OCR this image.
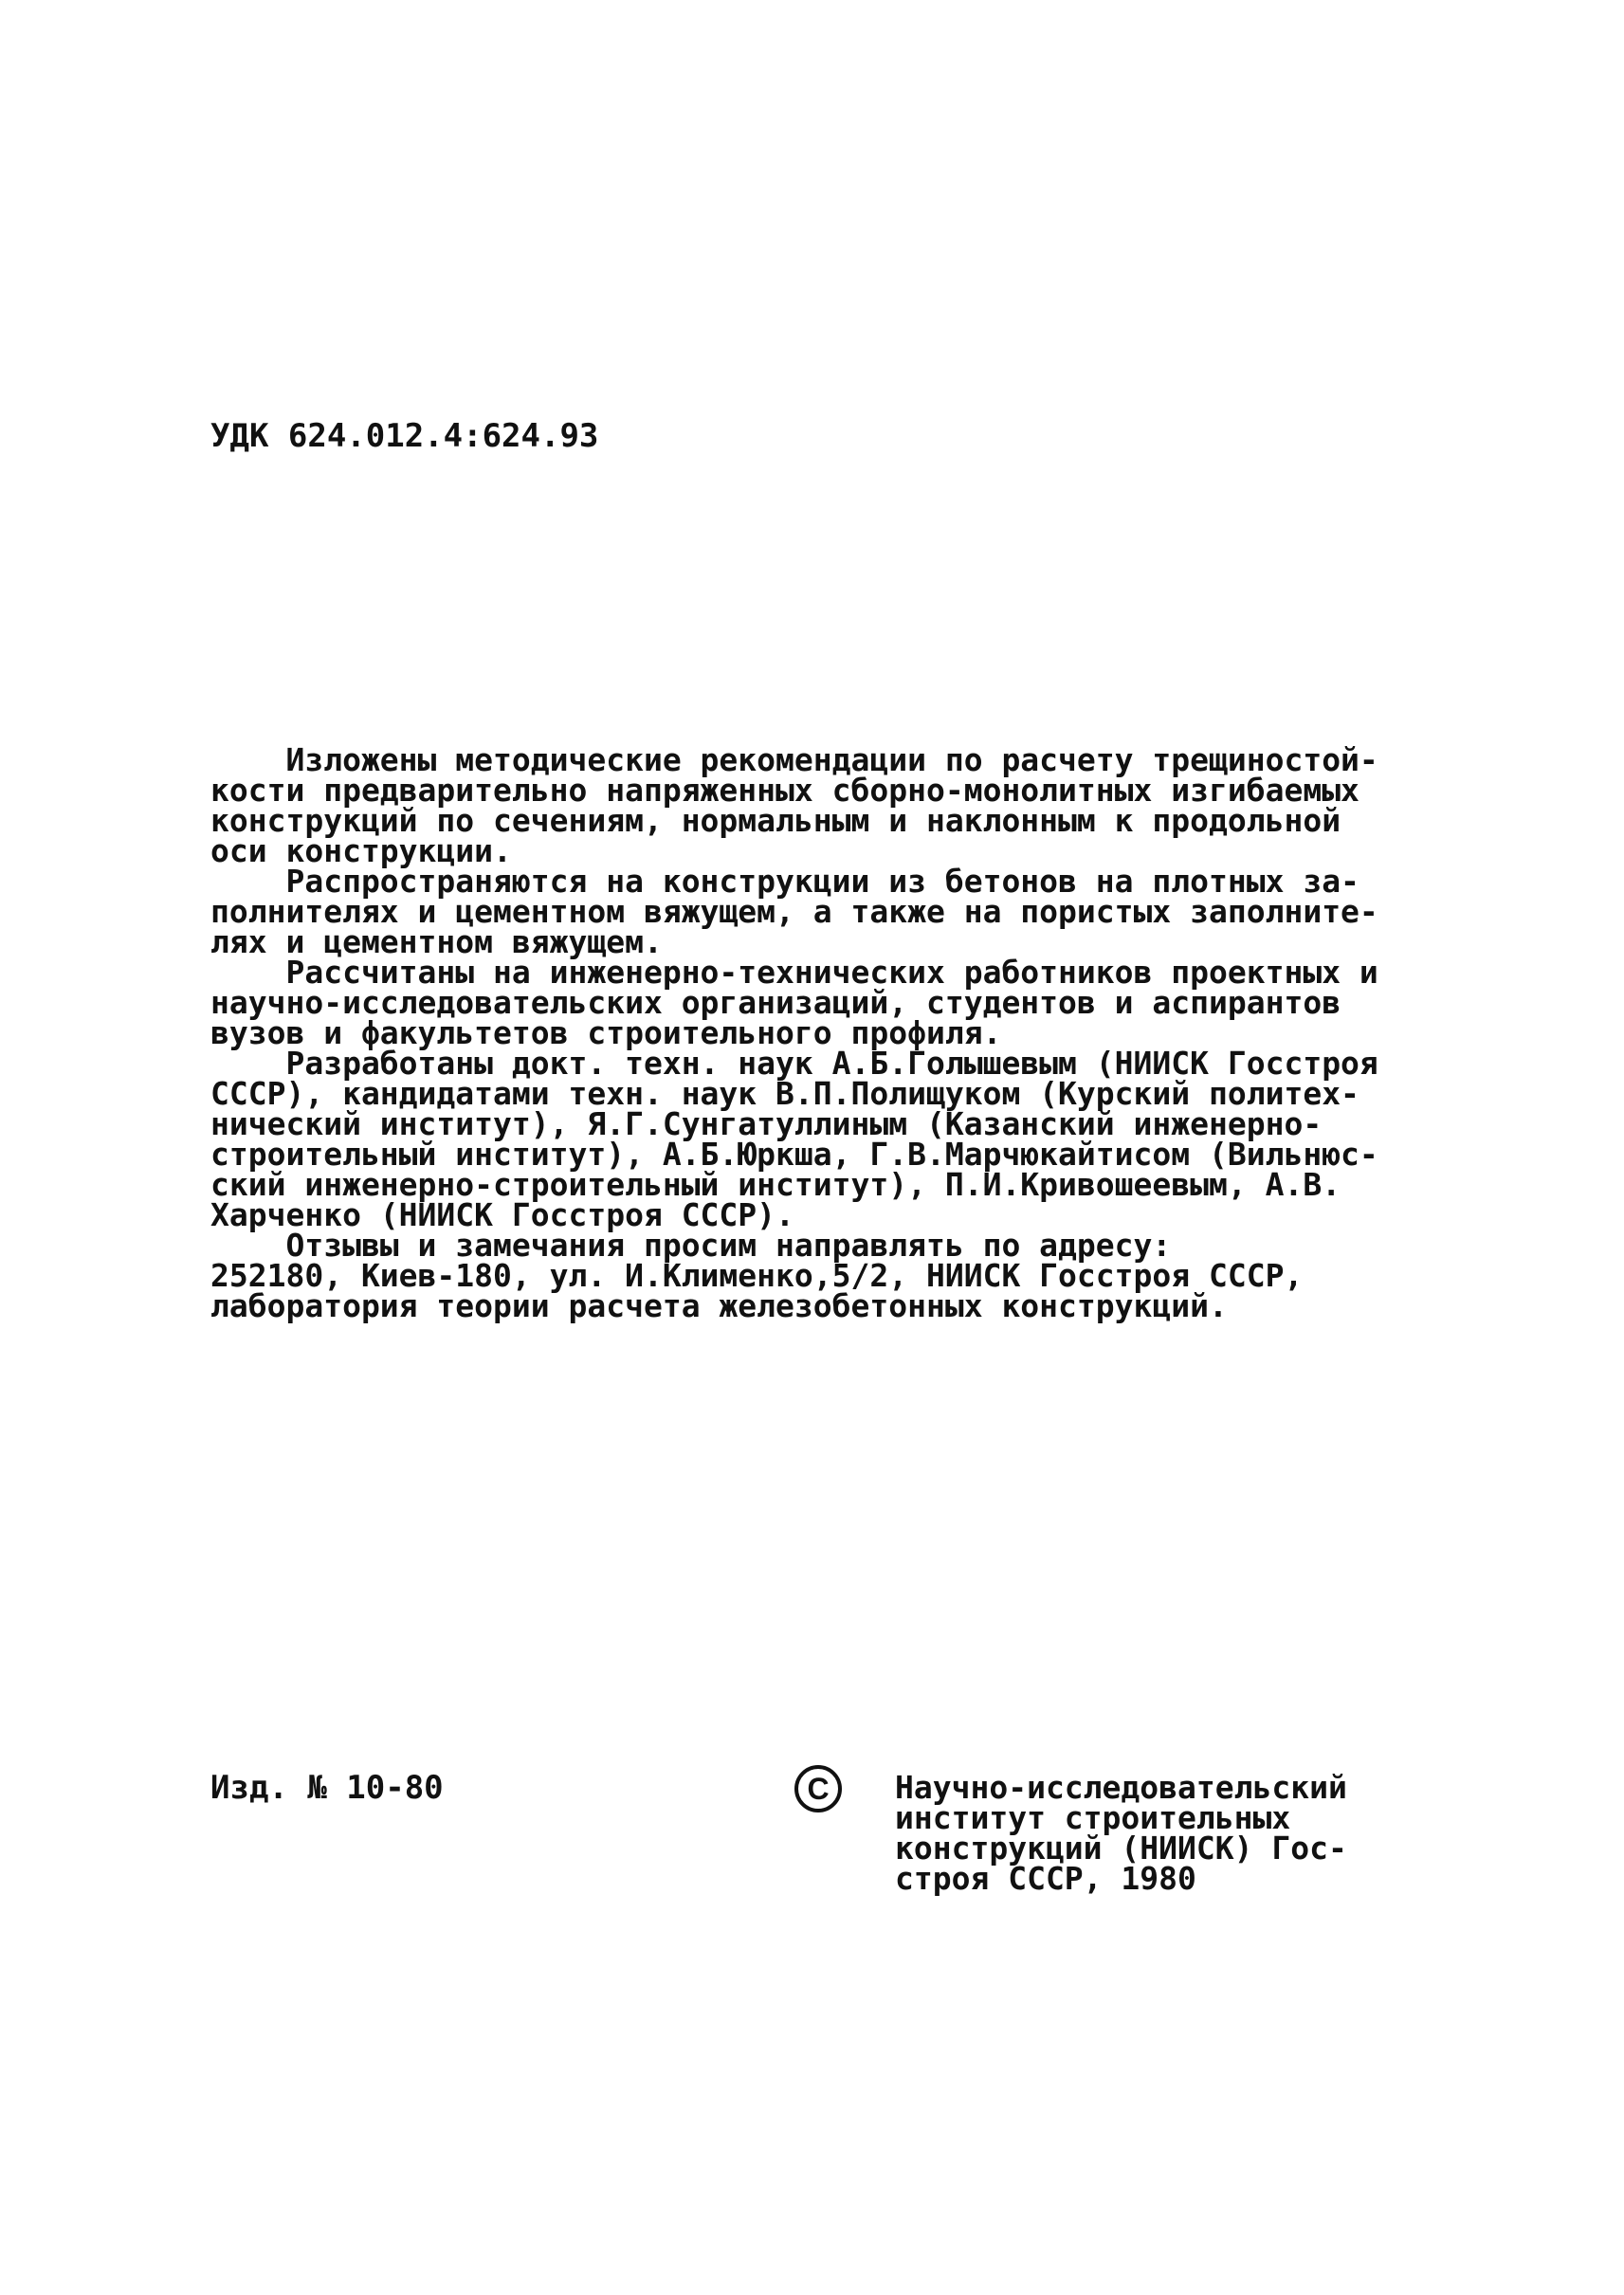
УДК 624.012.4:624.93
Изложены методические рекомендации по расчету трещиностой-
кости предварительно напряженных сборно-монолитных изгибаемых
конструкций по сечениям, нормальным и наклонным к продольной
оси конструкции.
Распространяются на конструкции из бетонов на плотных за-
полнителях и цементном вяжущем, а также на пористых заполните-
лях и цементном вяжущем.
Рассчитаны на инженерно-технических работников проектных и
научно-исследовательских организаций, студентов и аспирантов
вузов и факультетов строительного профиля.
Разработаны докт. техн. наук А.Б.Голышевым (НИИСК Госстроя
СССР), кандидатами техн. наук В.П.Полищуком (Курский политех-
нический институт), Я.Г.Сунгатуллиным (Казанский инженерно-
строительный институт), А.Б.Юркша, Г.В.Марчюкайтисом (Вильнюс-
ский инженерно-строительный институт), П.И.Кривошеевым, А.В.
Харченко (НИИСК Госстроя СССР).
Отзывы и замечания просим направлять по адресу:
252180, Киев-180, ул. И.Клименко,5/2, НИИСК Госстроя СССР,
лаборатория теории расчета железобетонных конструкций.
Изд. № 10-80	C	Научно-исследовательский
институт строительных
конструкций (НИИСК) Гос-
строя СССР, 1980
